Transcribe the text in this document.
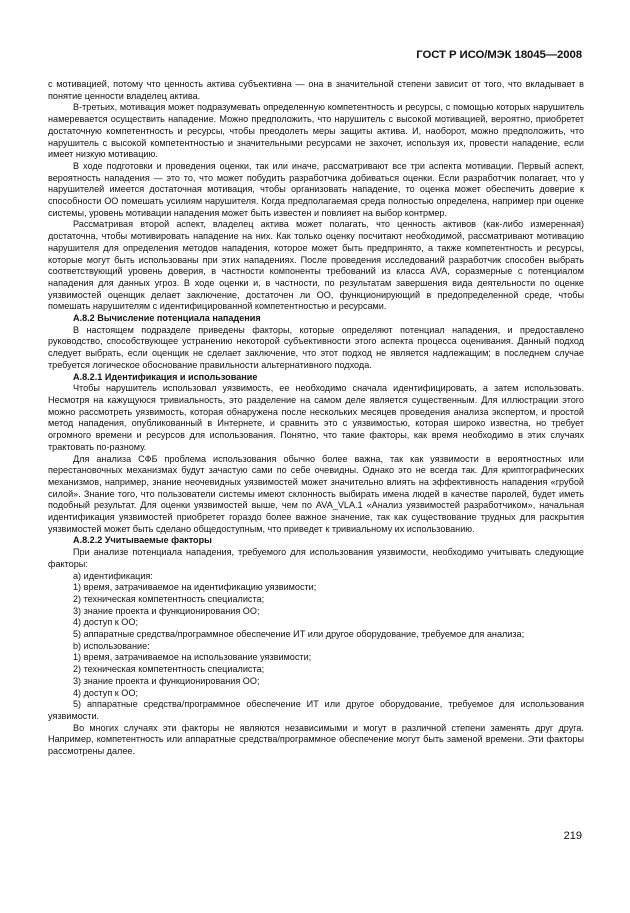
ГОСТ Р ИСО/МЭК 18045—2008

с мотивацией, потому что ценность актива субъективна — она в значительной степени зависит от того, что вкладывает в понятие ценности владелец актива.

В-третьих, мотивация может подразумевать определенную компетентность и ресурсы, с помощью которых нарушитель намеревается осуществить нападение. Можно предположить, что нарушитель с высокой мотивацией, вероятно, приобретет достаточную компетентность и ресурсы, чтобы преодолеть меры защиты актива. И, наоборот, можно предположить, что нарушитель с высокой компетентностью и значительными ресурсами не захочет, используя их, провести нападение, если имеет низкую мотивацию.

В ходе подготовки и проведения оценки, так или иначе, рассматривают все три аспекта мотивации. Первый аспект, вероятность нападения — это то, что может побудить разработчика добиваться оценки. Если разработчик полагает, что у нарушителей имеется достаточная мотивация, чтобы организовать нападение, то оценка может обеспечить доверие к способности ОО помешать усилиям нарушителя. Когда предполагаемая среда полностью определена, например при оценке системы, уровень мотивации нападения может быть известен и повлияет на выбор контрмер.

Рассматривая второй аспект, владелец актива может полагать, что ценность активов (как-либо измеренная) достаточна, чтобы мотивировать нападение на них. Как только оценку посчитают необходимой, рассматривают мотивацию нарушителя для определения методов нападения, которое может быть предпринято, а также компетентность и ресурсы, которые могут быть использованы при этих нападениях. После проведения исследований разработчик способен выбрать соответствующий уровень доверия, в частности компоненты требований из класса AVA, соразмерные с потенциалом нападения для данных угроз. В ходе оценки и, в частности, по результатам завершения вида деятельности по оценке уязвимостей оценщик делает заключение, достаточен ли ОО, функционирующий в предопределенной среде, чтобы помешать нарушителям с идентифицированной компетентностью и ресурсами.

А.8.2 Вычисление потенциала нападения

В настоящем подразделе приведены факторы, которые определяют потенциал нападения, и предоставлено руководство, способствующее устранению некоторой субъективности этого аспекта процесса оценивания. Данный подход следует выбрать, если оценщик не сделает заключение, что этот подход не является надлежащим; в последнем случае требуется логическое обоснование правильности альтернативного подхода.

А.8.2.1 Идентификация и использование

Чтобы нарушитель использовал уязвимость, ее необходимо сначала идентифицировать, а затем использовать. Несмотря на кажущуюся тривиальность, это разделение на самом деле является существенным. Для иллюстрации этого можно рассмотреть уязвимость, которая обнаружена после нескольких месяцев проведения анализа экспертом, и простой метод нападения, опубликованный в Интернете, и сравнить это с уязвимостью, которая широко известна, но требует огромного времени и ресурсов для использования. Понятно, что такие факторы, как время необходимо в этих случаях трактовать по-разному.

Для анализа СФБ проблема использования обычно более важна, так как уязвимости в вероятностных или перестановочных механизмах будут зачастую сами по себе очевидны. Однако это не всегда так. Для криптографических механизмов, например, знание неочевидных уязвимостей может значительно влиять на эффективность нападения «грубой силой». Знание того, что пользователи системы имеют склонность выбирать имена людей в качестве паролей, будет иметь подобный результат. Для оценки уязвимостей выше, чем по AVA_VLA.1 «Анализ уязвимостей разработчиком», начальная идентификация уязвимостей приобретет гораздо более важное значение, так как существование трудных для раскрытия уязвимостей может быть сделано общедоступным, что приведет к тривиальному их использованию.

А.8.2.2 Учитываемые факторы

При анализе потенциала нападения, требуемого для использования уязвимости, необходимо учитывать следующие факторы:

a) идентификация:

1) время, затрачиваемое на идентификацию уязвимости;

2) техническая компетентность специалиста;

3) знание проекта и функционирования ОО;

4) доступ к ОО;

5) аппаратные средства/программное обеспечение ИТ или другое оборудование, требуемое для анализа;

b) использование:

1) время, затрачиваемое на использование уязвимости;

2) техническая компетентность специалиста;

3) знание проекта и функционирования ОО;

4) доступ к ОО;

5) аппаратные средства/программное обеспечение ИТ или другое оборудование, требуемое для использования уязвимости.

Во многих случаях эти факторы не являются независимыми и могут в различной степени заменять друг друга. Например, компетентность или аппаратные средства/программное обеспечение могут быть заменой времени. Эти факторы рассмотрены далее.

219
